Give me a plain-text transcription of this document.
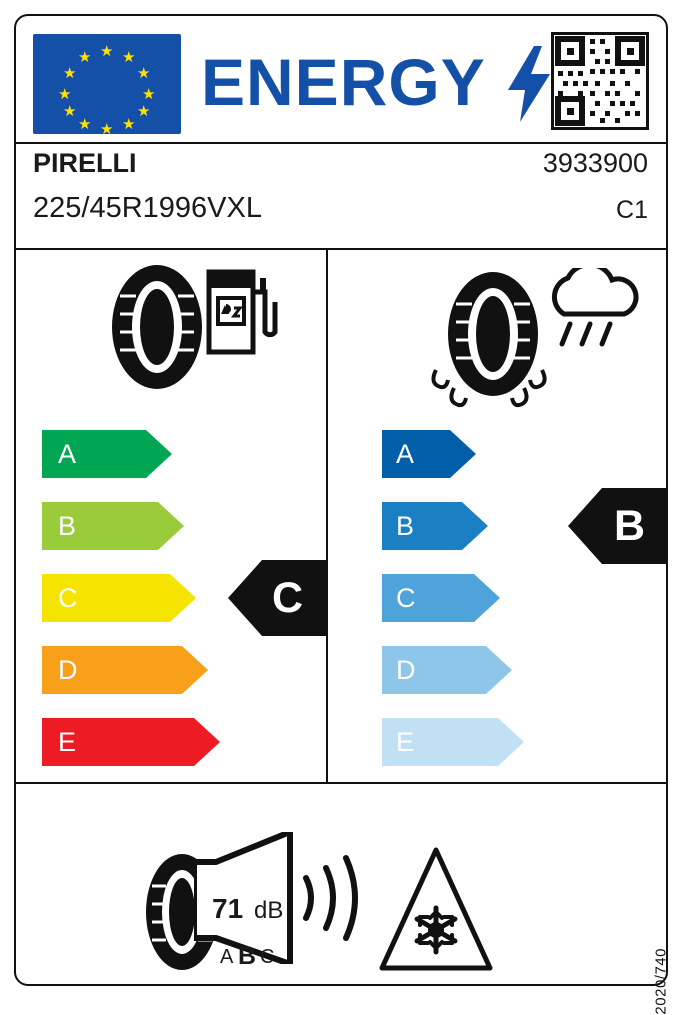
★
★ ★
★	★
★	★
★	★
★ ★
★
ENERGY
PIRELLI	3933900
225/45R1996VXL	C1
A
B
C
D
E
C
A
B
C
D
E
B
71 dB
A B C	2020/740
